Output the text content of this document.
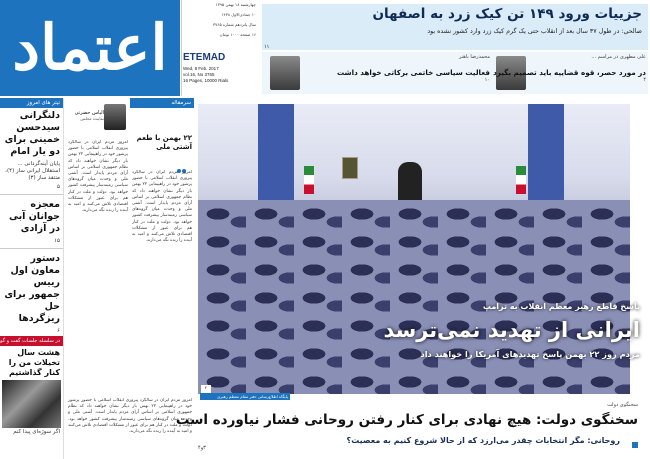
اعتماد
چهارشنبه ۱۸ بهمن ۱۳۹۵
۱۰ جمادی‌الاول ۱۴۳۸
سال پانزدهم شماره ۳۷۶۵
۱۶ صفحه ۱۰۰۰ تومان
ETEMAD
Wed, 8 Feb. 2017
vol.16, No 3765
16 Pages, 10000 Rials
جزییات ورود ۱۴۹ تن کیک زرد به اصفهان
صالحی: در طول ۳۷ سال بعد از انقلاب حتی یک گرم کیک زرد وارد کشور نشده بود
۱۱
علی مطهری در مراسم ...
در مورد حصر، قوه قضاییه باید تصمیم بگیرد
۴
محمدرضا باهنر
فعالیت سیاسی خاتمی برکاتی خواهد داشت
۱۰
تیتر های امروز
دلنگرانی سیدحسن خمینی برای دو یار امام
پایان آینه‌گردانی ... استقلال ایرانی ساز (۴)، منتقد ساز (۳)
۵
معجزه جوانان آبی در آزادی
۱۵
دستور معاون اول رییس جمهور برای حل ریزگردها
۶
در سلسله جلسات گفت و گو
هشت سال تخیلات من را کنار گذاشتیم
اگر سوژه‌ای پیدا کنم
سرمقاله
الیاس حضرتی
نماینده مجلس
۲۲ بهمن با طعم آشتی ملی
امروز مردم ایران در سالگرد پیروزی انقلاب اسلامی با حضور پرشور خود در راهپیمایی ۲۲ بهمن بار دیگر نشان خواهند داد که نظام جمهوری اسلامی بر اساس آرای مردم پایدار است. آشتی ملی و وحدت میان گروه‌های سیاسی زمینه‌ساز پیشرفت کشور خواهد بود. دولت و ملت در کنار هم برای عبور از مشکلات اقتصادی تلاش می‌کنند و امید به آینده را زنده نگه می‌دارند.
امروز مردم ایران در سالگرد پیروزی انقلاب اسلامی با حضور پرشور خود در راهپیمایی ۲۲ بهمن بار دیگر نشان خواهند داد که نظام جمهوری اسلامی بر اساس آرای مردم پایدار است. آشتی ملی و وحدت میان گروه‌های سیاسی زمینه‌ساز پیشرفت کشور خواهد بود. دولت و ملت در کنار هم برای عبور از مشکلات اقتصادی تلاش می‌کنند و امید به آینده را زنده نگه می‌دارند.
امروز مردم ایران در سالگرد پیروزی انقلاب اسلامی با حضور پرشور خود در راهپیمایی ۲۲ بهمن بار دیگر نشان خواهند داد که نظام جمهوری اسلامی بر اساس آرای مردم پایدار است. آشتی ملی و وحدت میان گروه‌های سیاسی زمینه‌ساز پیشرفت کشور خواهد بود. دولت و ملت در کنار هم برای عبور از مشکلات اقتصادی تلاش می‌کنند و امید به آینده را زنده نگه می‌دارند.
پاسخ قاطع رهبر معظم انقلاب به ترامپ
ایرانی از تهدید نمی‌ترسد
مردم روز ۲۲ بهمن پاسخ تهدیدهای آمریکا را خواهند داد
۲
پایگاه اطلاع‌رسانی دفتر مقام معظم رهبری
سخنگوی دولت
سخنگوی دولت: هیچ نهادی برای کنار رفتن روحانی فشار نیاورده است
روحانی: مگر انتخابات چقدر می‌ارزد که از حالا شروع کنیم به معصیت؟
۳و۴
